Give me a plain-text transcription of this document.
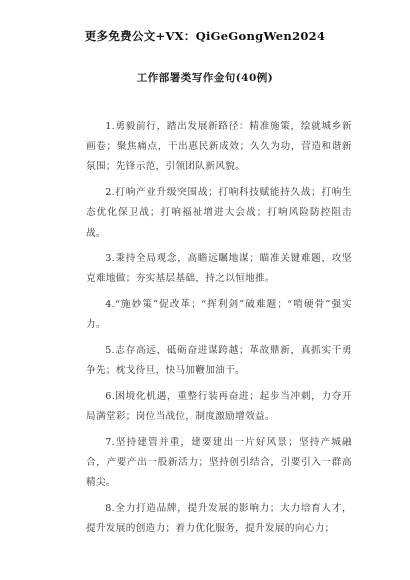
更多免费公文+VX：QiGeGongWen2024
工作部署类写作金句(40例)

1.勇毅前行，踏出发展新路径：精准施策，绘就城乡新画卷；聚焦痛点，干出惠民新成效；久久为功，营造和谐新氛围；先锋示范，引领团队新风貌。

2.打响产业升级突围战；打响科技赋能持久战；打响生态优化保卫战；打响福祉增进大会战；打响风险防控阻击战。

3.秉持全局观念，高瞻远瞩地谋；瞄准关键难题，攻坚克难地做；夯实基层基础，持之以恒地推。

4.“施妙策”促改革；“挥利剑”破难题；“啃硬骨”强实力。

5.志存高远，砥砺奋进谋跨越；革故鼎新，真抓实干勇争先；枕戈待旦，快马加鞭加油干。

6.困境化机遇，重整行装再奋进；起步当冲刺，力夺开局满堂彩；岗位当战位，制度激励增效益。

7.坚持建管并重，建要建出一片好风景；坚持产城融合，产要产出一股新活力；坚持创引结合，引要引入一群高精尖。

8.全力打造品牌，提升发展的影响力；大力培育人才，提升发展的创造力；着力优化服务，提升发展的向心力；
